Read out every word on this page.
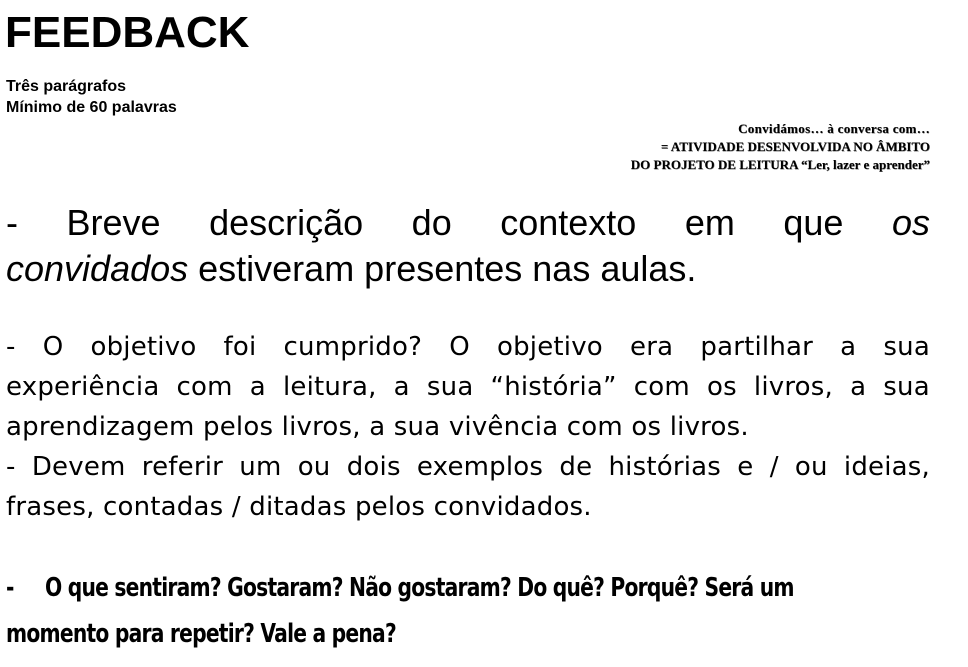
FEEDBACK
Três parágrafos
Mínimo de 60 palavras
Convidámos… à conversa com…
= ATIVIDADE DESENVOLVIDA NO ÂMBITO
DO PROJETO DE LEITURA “Ler, lazer e aprender”
- Breve descrição do contexto em que os
convidados estiveram presentes nas aulas.
- O objetivo foi cumprido? O objetivo era partilhar a sua
experiência com a leitura, a sua “história” com os livros, a sua
aprendizagem pelos livros, a sua vivência com os livros.
- Devem referir um ou dois exemplos de histórias e / ou ideias,
frases, contadas / ditadas pelos convidados.
- O que sentiram? Gostaram? Não gostaram? Do quê? Porquê? Será um
momento para repetir? Vale a pena?
